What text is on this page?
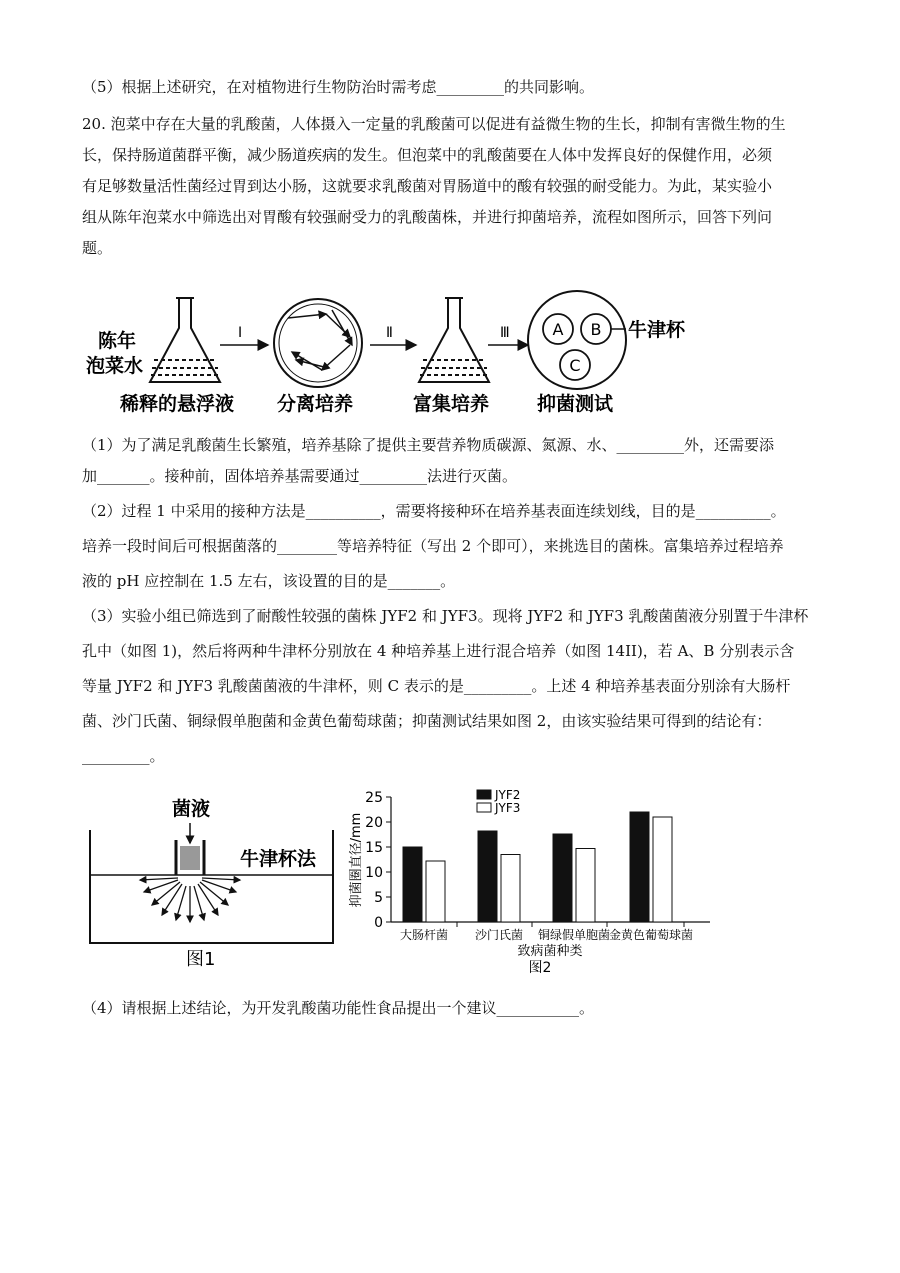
（5）根据上述研究，在对植物进行生物防治时需考虑_________的共同影响。

20. 泡菜中存在大量的乳酸菌，人体摄入一定量的乳酸菌可以促进有益微生物的生长，抑制有害微生物的生

长，保持肠道菌群平衡，减少肠道疾病的发生。但泡菜中的乳酸菌要在人体中发挥良好的保健作用，必须

有足够数量活性菌经过胃到达小肠，这就要求乳酸菌对胃肠道中的酸有较强的耐受能力。为此，某实验小

组从陈年泡菜水中筛选出对胃酸有较强耐受力的乳酸菌株，并进行抑菌培养，流程如图所示，回答下列问

题。

（1）为了满足乳酸菌生长繁殖，培养基除了提供主要营养物质碳源、氮源、水、_________外，还需要添

加_______。接种前，固体培养基需要通过_________法进行灭菌。

（2）过程 1 中采用的接种方法是__________，需要将接种环在培养基表面连续划线，目的是__________。

培养一段时间后可根据菌落的________等培养特征（写出 2 个即可），来挑选目的菌株。富集培养过程培养

液的 pH 应控制在 1.5 左右，该设置的目的是_______。

（3）实验小组已筛选到了耐酸性较强的菌株 JYF2 和 JYF3。现将 JYF2 和 JYF3 乳酸菌菌液分别置于牛津杯

孔中（如图 1)，然后将两种牛津杯分别放在 4 种培养基上进行混合培养（如图 14II)，若 A、B 分别表示含

等量 JYF2 和 JYF3 乳酸菌菌液的牛津杯，则 C 表示的是_________。上述 4 种培养基表面分别涂有大肠杆

菌、沙门氏菌、铜绿假单胞菌和金黄色葡萄球菌；抑菌测试结果如图 2，由该实验结果可得到的结论有：

_________。

（4）请根据上述结论，为开发乳酸菌功能性食品提出一个建议___________。

陈年
泡菜水
Ⅰ	Ⅱ	Ⅲ	A B
C
牛津杯
稀释的悬浮液 分离培养	富集培养	抑菌测试
菌液
牛津杯法
图1
抑菌圈直径/mm
致病菌种类
图2
JYF2
JYF3
0
5
10
15
20
25
大肠杆菌 沙门氏菌 铜绿假单胞菌
金黄色葡萄球菌
